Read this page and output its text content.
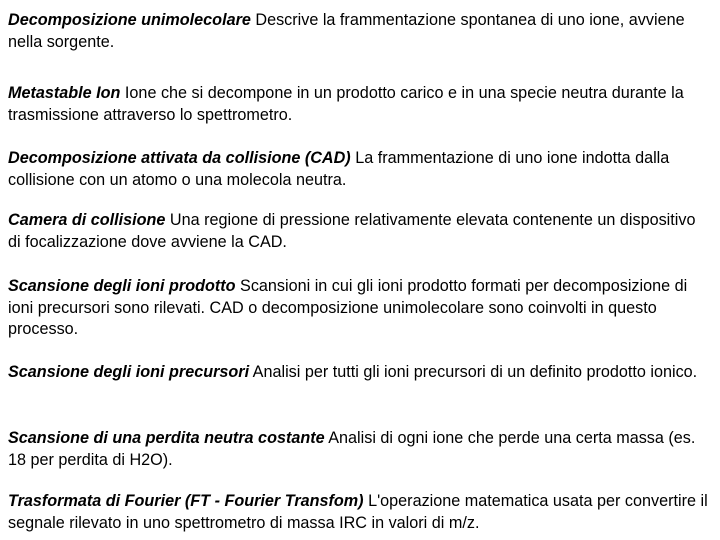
Decomposizione unimolecolare Descrive la frammentazione spontanea di uno ione, avviene nella sorgente.

Metastable Ion Ione che si decompone in un prodotto carico e in una specie neutra durante la trasmissione attraverso lo spettrometro.

Decomposizione attivata da collisione (CAD) La frammentazione di uno ione indotta dalla collisione con un atomo o una molecola neutra.

Camera di collisione Una regione di pressione relativamente elevata contenente un dispositivo di focalizzazione dove avviene la CAD.

Scansione degli ioni prodotto Scansioni in cui gli ioni prodotto formati per decomposizione di ioni precursori sono rilevati. CAD o decomposizione unimolecolare sono coinvolti in questo processo.

Scansione degli ioni precursori Analisi per tutti gli ioni precursori di un definito prodotto ionico.

Scansione di una perdita neutra costante Analisi di ogni ione che perde una certa massa (es. 18 per perdita di H2O).

Trasformata di Fourier (FT - Fourier Transfom) L'operazione matematica usata per convertire il segnale rilevato in uno spettrometro di massa IRC in valori di m/z.
